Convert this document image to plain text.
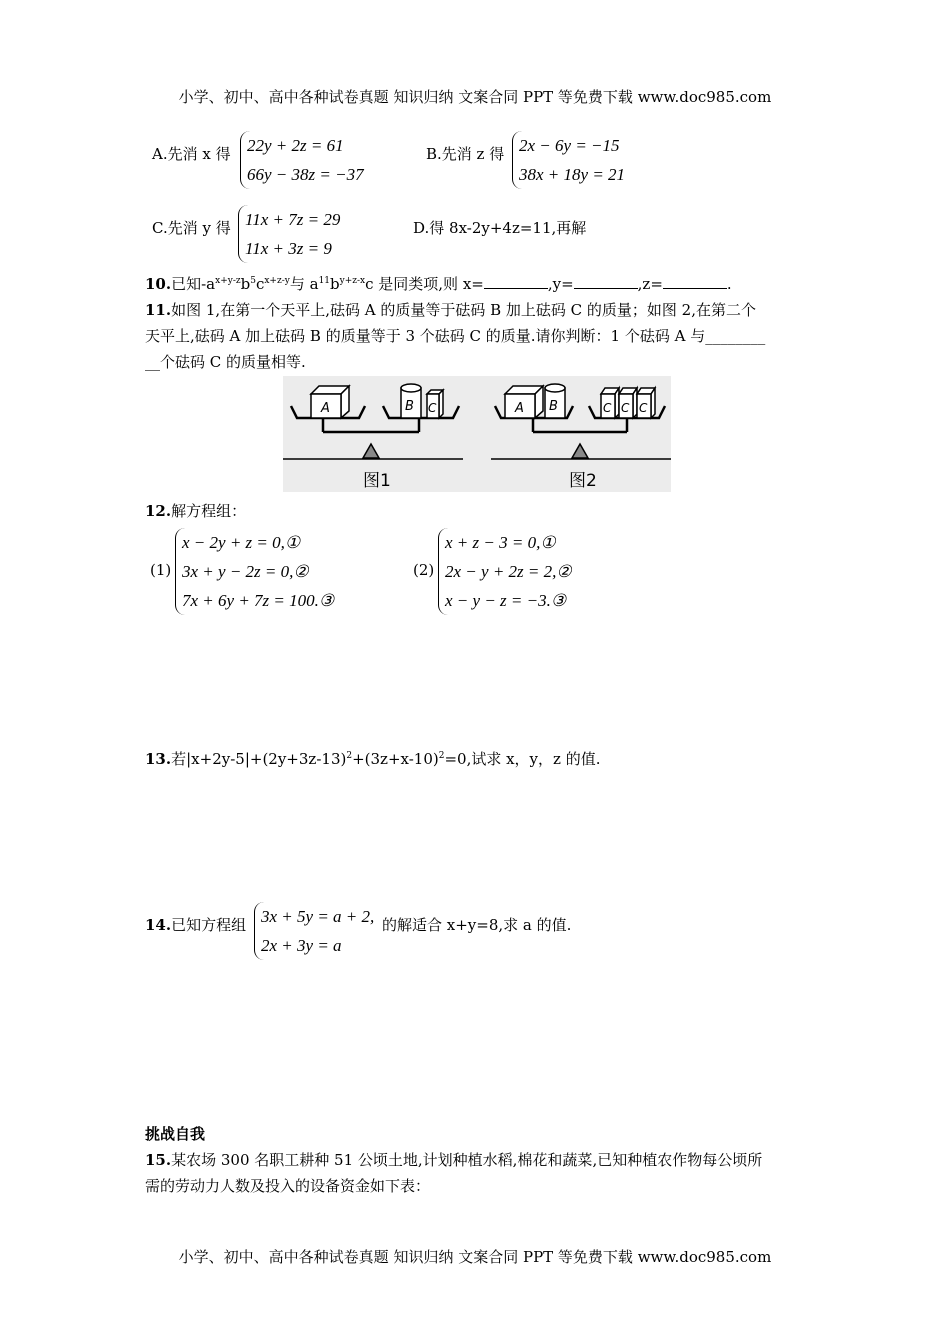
小学、初中、高中各种试卷真题 知识归纳 文案合同 PPT 等免费下载 www.doc985.com
A.先消 x 得 22y + 2z = 61
66y − 38z = −37
B.先消 z 得 2x − 6y = −15
38x + 18y = 21
C.先消 y 得 11x + 7z = 29
11x + 3z = 9
D.得 8x-2y+4z=11,再解
10.已知$-a^{x+y-z}b^5c^{x+z-y}$与 $a^{11}b^{y+z-x}c$ 是同类项,则 x=	,y=	,z=	.
11.如图 1,在第一个天平上,砝码 A 的质量等于砝码 B 加上砝码 C 的质量；如图 2,在第二个
天平上,砝码 A 加上砝码 B 的质量等于 3 个砝码 C 的质量.请你判断：1 个砝码 A 与________
__个砝码 C 的质量相等.
A	B C
图1
A B	C C C
图2
12.解方程组：
(1)
x − 2y + z = 0,①
3x + y − 2z = 0,②
7x + 6y + 7z = 100.③
(2)
x + z − 3 = 0,①
2x − y + 2z = 2,②
x − y − z = −3.③
13.若$|x+2y-5|+(2y+3z-13)^2+(3z+x-10)^2=0$,试求 x，y，z 的值.
14.已知方程组 3x + 5y = a + 2,
2x + 3y = a
的解适合 x+y=8,求 a 的值.
挑战自我
15.某农场 300 名职工耕种 51 公顷土地,计划种植水稻,棉花和蔬菜,已知种植农作物每公顷所
需的劳动力人数及投入的设备资金如下表：
小学、初中、高中各种试卷真题 知识归纳 文案合同 PPT 等免费下载 www.doc985.com
